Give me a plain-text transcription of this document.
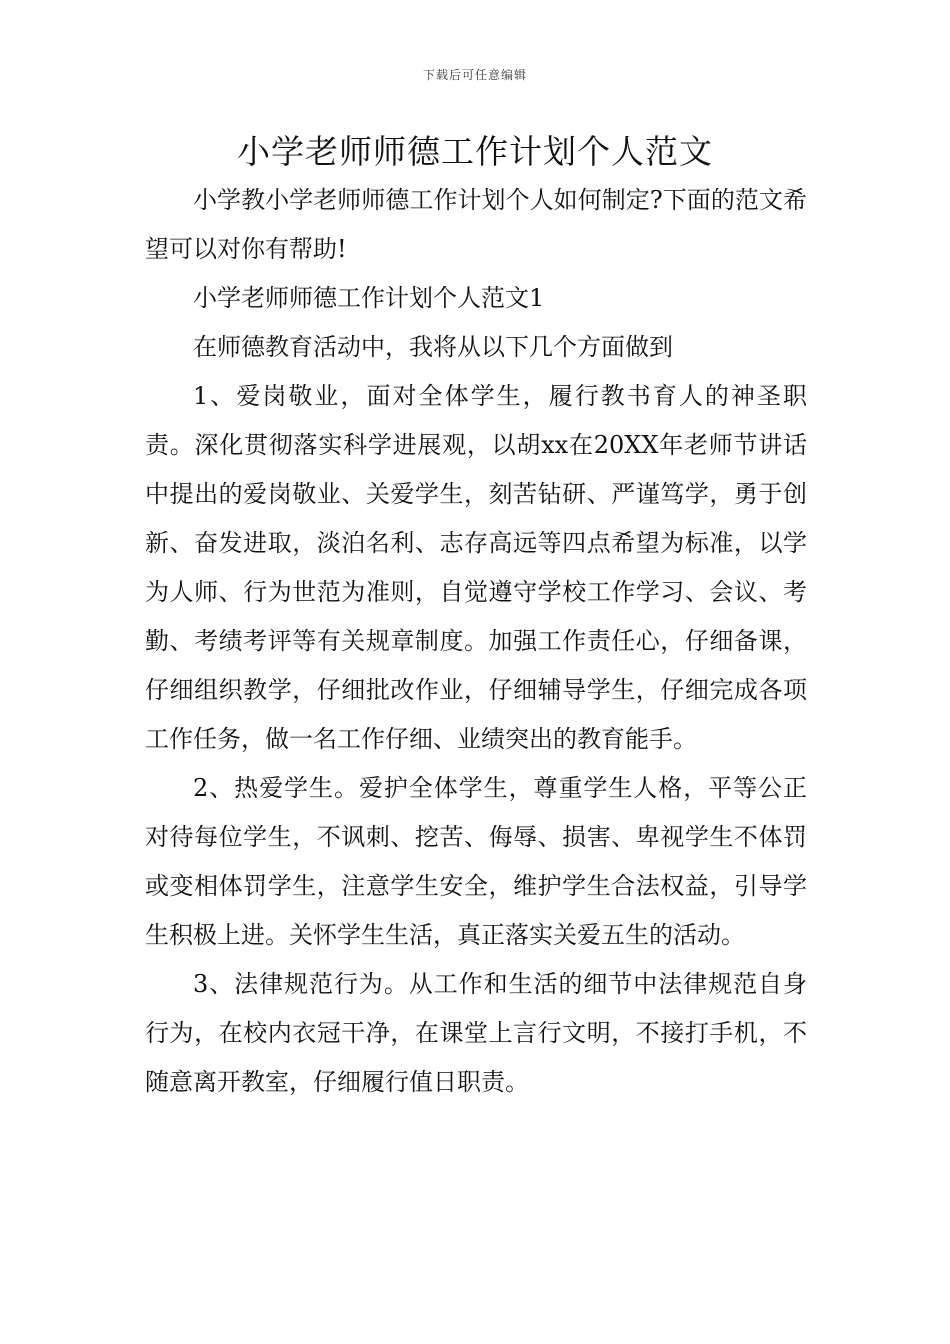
下载后可任意编辑
小学老师师德工作计划个人范文

小学教小学老师师德工作计划个人如何制定?下面的范文希望可以对你有帮助!

小学老师师德工作计划个人范文1

在师德教育活动中，我将从以下几个方面做到

1、爱岗敬业，面对全体学生，履行教书育人的神圣职责。深化贯彻落实科学进展观，以胡xx在20XX年老师节讲话中提出的爱岗敬业、关爱学生，刻苦钻研、严谨笃学，勇于创新、奋发进取，淡泊名利、志存高远等四点希望为标准，以学为人师、行为世范为准则，自觉遵守学校工作学习、会议、考勤、考绩考评等有关规章制度。加强工作责任心，仔细备课，仔细组织教学，仔细批改作业，仔细辅导学生，仔细完成各项工作任务，做一名工作仔细、业绩突出的教育能手。

2、热爱学生。爱护全体学生，尊重学生人格，平等公正对待每位学生，不讽刺、挖苦、侮辱、损害、卑视学生不体罚或变相体罚学生，注意学生安全，维护学生合法权益，引导学生积极上进。关怀学生生活，真正落实关爱五生的活动。

3、法律规范行为。从工作和生活的细节中法律规范自身行为，在校内衣冠干净，在课堂上言行文明，不接打手机，不随意离开教室，仔细履行值日职责。
